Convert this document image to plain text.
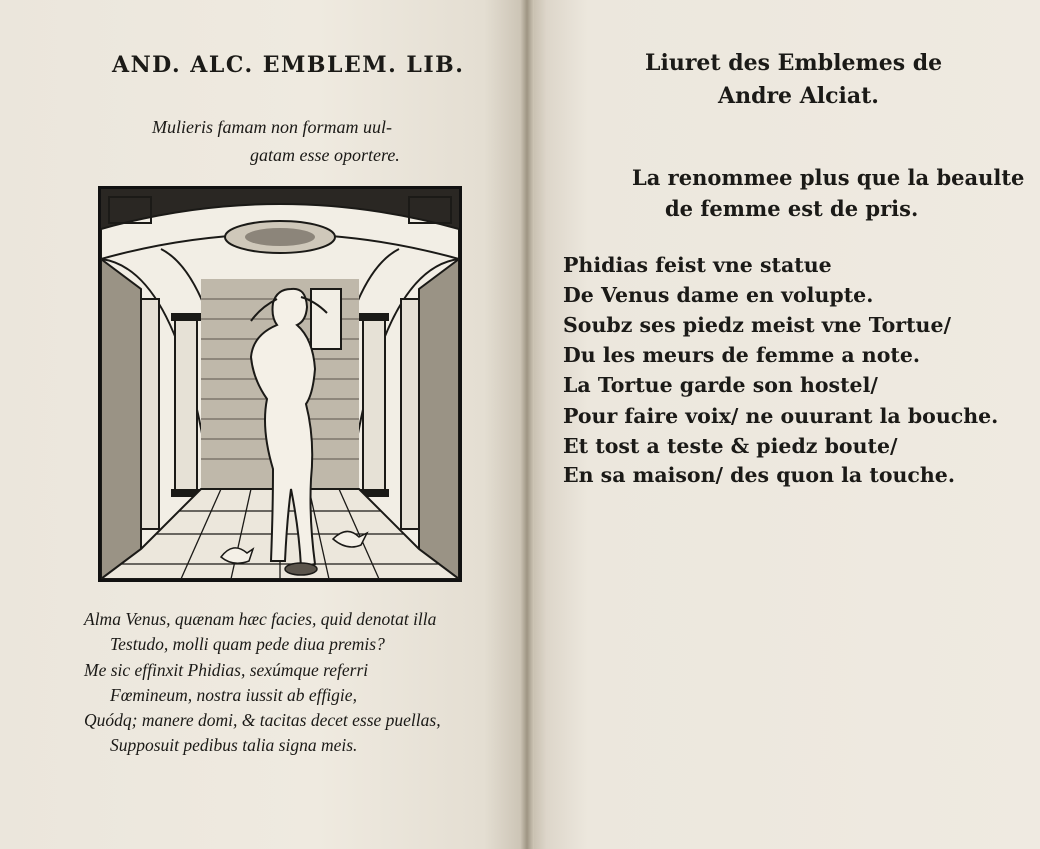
AND. ALC. EMBLEM. LIB.
Mulieris famam non formam uul-
gatam esse oportere.
Alma Venus, quænam hæc facies, quid denotat illa
Testudo, molli quam pede diua premis?
Me sic effinxit Phidias, sexúmque referri
Fœmineum, nostra iussit ab effigie,
Quódq; manere domi, & tacitas decet esse puellas,
Supposuit pedibus talia signa meis.
Liuret des Emblemes de
Andre Alciat.
La renommee plus que la beaulte
de femme est de pris.
Phidias feist vne statue
De Venus dame en volupte.
Soubz ses piedz meist vne Tortue/
Du les meurs de femme a note.
La Tortue garde son hostel/
Pour faire voix/ ne ouurant la bouche.
Et tost a teste & piedz boute/
En sa maison/ des quon la touche.
